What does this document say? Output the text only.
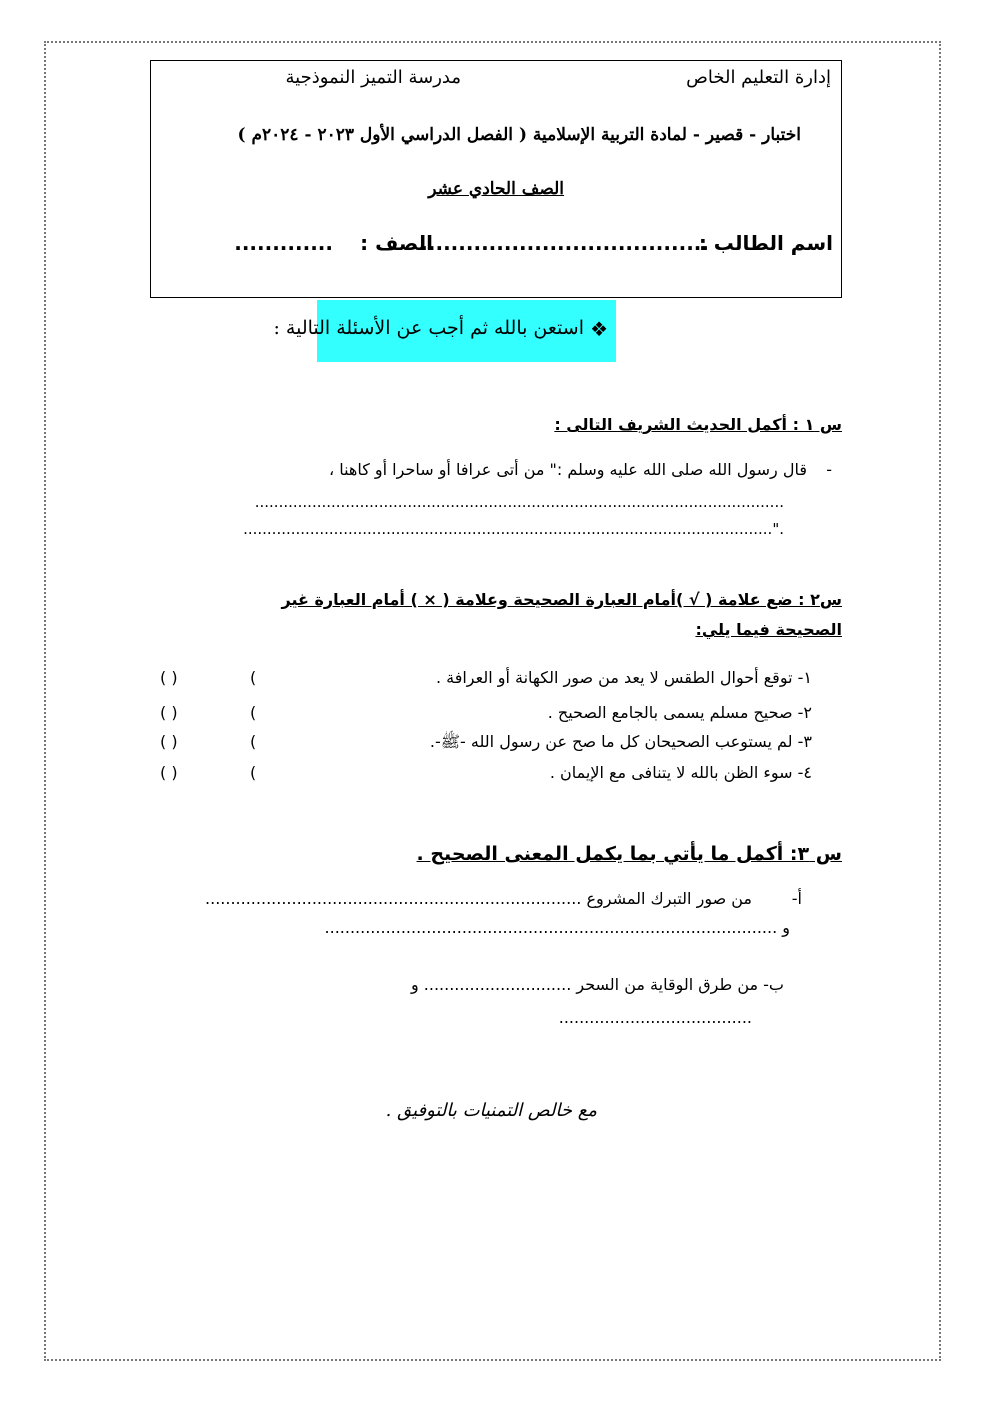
إدارة التعليم الخاص
مدرسة التميز النموذجية
اختبار - قصير - لمادة التربية الإسلامية ( الفصل الدراسي الأول ٢٠٢٣ - ٢٠٢٤م )
الصف الحادي عشر
اسم الطالب :
......................................
الصف :
.............
❖
استعن بالله ثم أجب عن الأسئلة التالية :
س ١ : أكمل الحديث الشريف التالى :
-
قال رسول الله صلى الله عليه وسلم :" من أتى عرافا أو ساحرا أو كاهنا ،
...............................................................................................................
."...............................................................................................................
س٢ : ضع علامة ( √ )أمام العبارة الصحيحة وعلامة ( × ) أمام العبارة غير
الصحيحة فيما يلي:
١- توقع أحوال الطقس لا يعد من صور الكهانة أو العرافة .
( )
٢- صحيح مسلم يسمى بالجامع الصحيح .
( )
٣- لم يستوعب الصحيحان كل ما صح عن رسول الله -ﷺ-.
( )
٤- سوء الظن بالله لا يتنافى مع الإيمان .
( )
(
(
(
(
س ٣: أكمل ما يأتي بما يكمل المعنى الصحيح .
أ-
من صور التبرك المشروع ..........................................................................
و .........................................................................................
ب- من طرق الوقاية من السحر ............................. و
......................................
مع خالص التمنيات بالتوفيق .
